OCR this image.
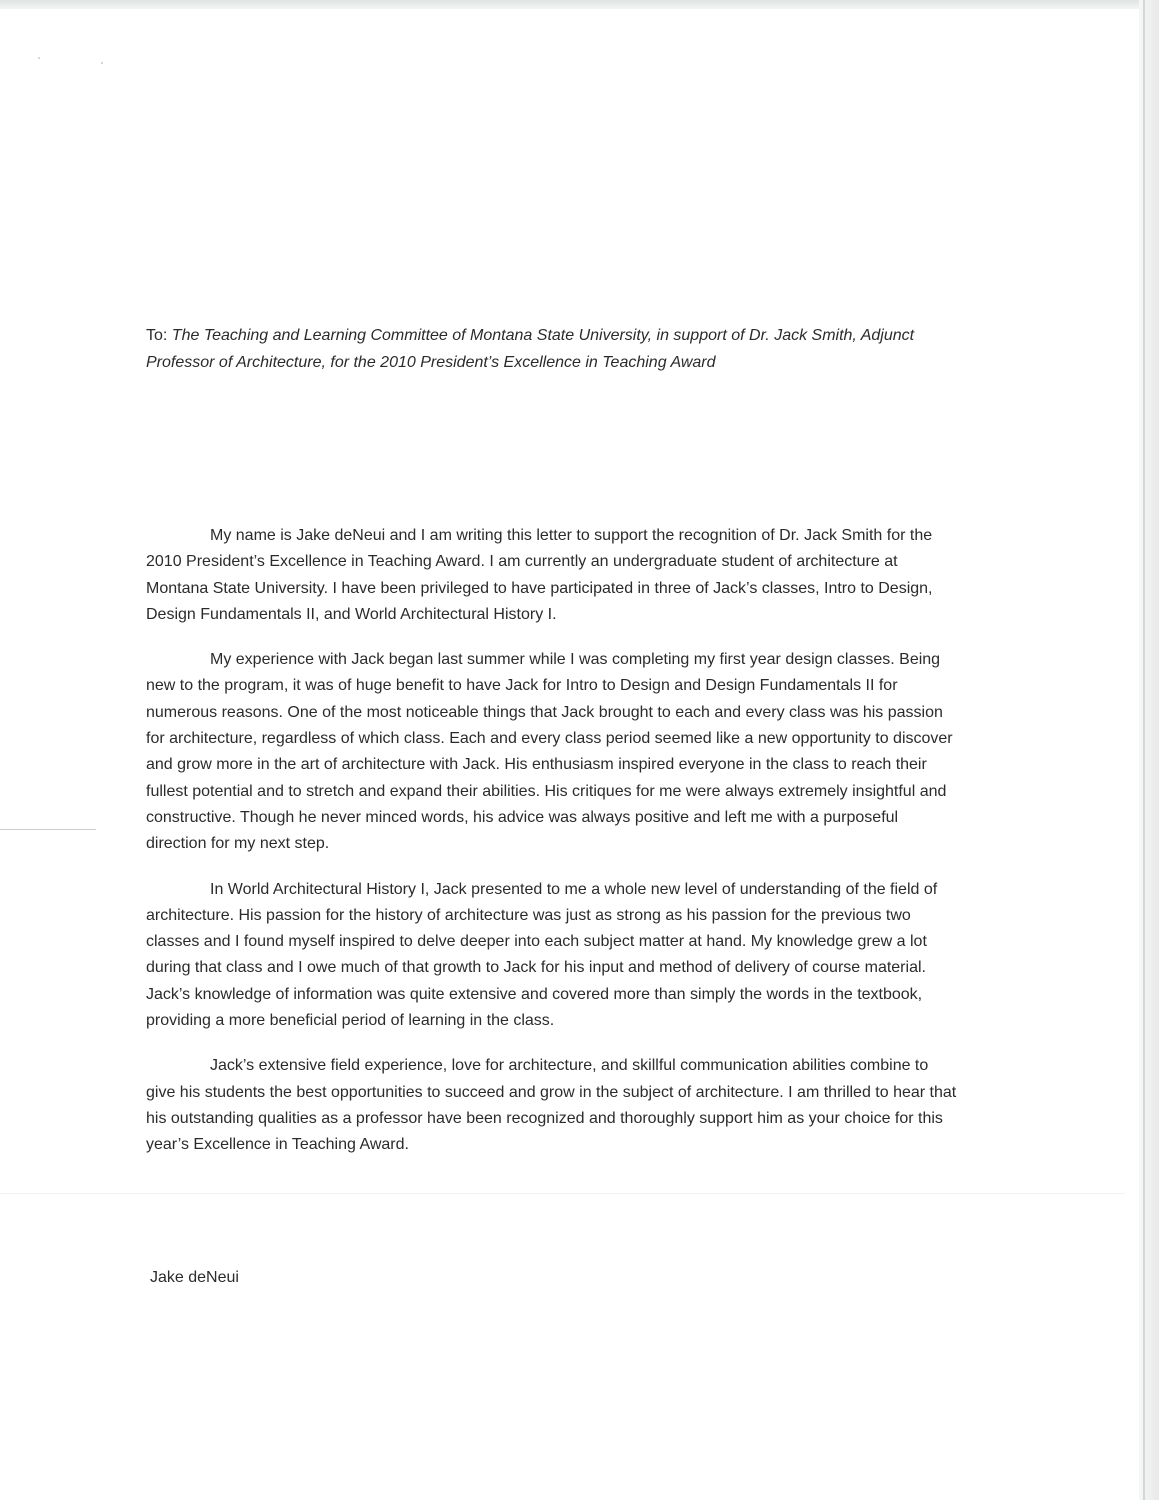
To: The Teaching and Learning Committee of Montana State University, in support of Dr. Jack Smith, Adjunct Professor of Architecture, for the 2010 President’s Excellence in Teaching Award

My name is Jake deNeui and I am writing this letter to support the recognition of Dr. Jack Smith for the 2010 President’s Excellence in Teaching Award. I am currently an undergraduate student of architecture at Montana State University. I have been privileged to have participated in three of Jack’s classes, Intro to Design, Design Fundamentals II, and World Architectural History I.

My experience with Jack began last summer while I was completing my first year design classes. Being new to the program, it was of huge benefit to have Jack for Intro to Design and Design Fundamentals II for numerous reasons. One of the most noticeable things that Jack brought to each and every class was his passion for architecture, regardless of which class. Each and every class period seemed like a new opportunity to discover and grow more in the art of architecture with Jack. His enthusiasm inspired everyone in the class to reach their fullest potential and to stretch and expand their abilities. His critiques for me were always extremely insightful and constructive. Though he never minced words, his advice was always positive and left me with a purposeful direction for my next step.

In World Architectural History I, Jack presented to me a whole new level of understanding of the field of architecture. His passion for the history of architecture was just as strong as his passion for the previous two classes and I found myself inspired to delve deeper into each subject matter at hand. My knowledge grew a lot during that class and I owe much of that growth to Jack for his input and method of delivery of course material. Jack’s knowledge of information was quite extensive and covered more than simply the words in the textbook, providing a more beneficial period of learning in the class.

Jack’s extensive field experience, love for architecture, and skillful communication abilities combine to give his students the best opportunities to succeed and grow in the subject of architecture. I am thrilled to hear that his outstanding qualities as a professor have been recognized and thoroughly support him as your choice for this year’s Excellence in Teaching Award.

Jake deNeui
